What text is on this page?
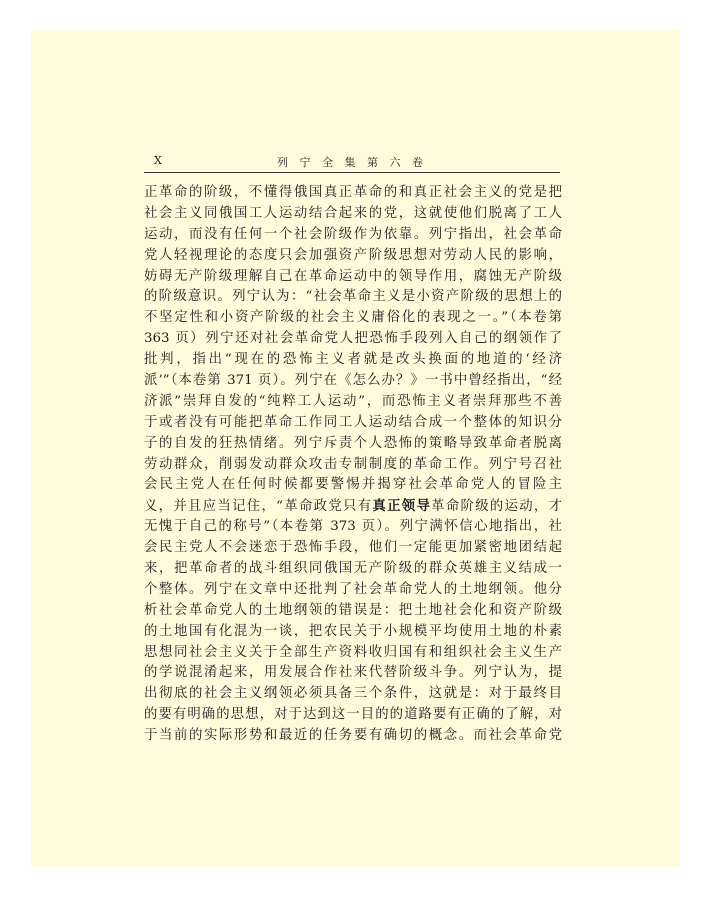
X	列 宁 全 集 第 六 卷
正革命的阶级，不懂得俄国真正革命的和真正社会主义的党是把
社会主义同俄国工人运动结合起来的党，这就使他们脱离了工人
运动，而没有任何一个社会阶级作为依靠。列宁指出，社会革命
党人轻视理论的态度只会加强资产阶级思想对劳动人民的影响，
妨碍无产阶级理解自己在革命运动中的领导作用，腐蚀无产阶级
的阶级意识。列宁认为：“社会革命主义是小资产阶级的思想上的
不坚定性和小资产阶级的社会主义庸俗化的表现之一。”（本卷第
363 页）列宁还对社会革命党人把恐怖手段列入自己的纲领作了
批判，指出“现在的恐怖主义者就是改头换面的地道的‘经济
派’”（本卷第 371 页）。列宁在《怎么办？》一书中曾经指出，“经
济派”崇拜自发的“纯粹工人运动”，而恐怖主义者崇拜那些不善
于或者没有可能把革命工作同工人运动结合成一个整体的知识分
子的自发的狂热情绪。列宁斥责个人恐怖的策略导致革命者脱离
劳动群众，削弱发动群众攻击专制制度的革命工作。列宁号召社
会民主党人在任何时候都要警惕并揭穿社会革命党人的冒险主
义，并且应当记住，“革命政党只有真正领导革命阶级的运动，才
无愧于自己的称号”（本卷第 373 页）。列宁满怀信心地指出，社
会民主党人不会迷恋于恐怖手段，他们一定能更加紧密地团结起
来，把革命者的战斗组织同俄国无产阶级的群众英雄主义结成一
个整体。列宁在文章中还批判了社会革命党人的土地纲领。他分
析社会革命党人的土地纲领的错误是：把土地社会化和资产阶级
的土地国有化混为一谈，把农民关于小规模平均使用土地的朴素
思想同社会主义关于全部生产资料收归国有和组织社会主义生产
的学说混淆起来，用发展合作社来代替阶级斗争。列宁认为，提
出彻底的社会主义纲领必须具备三个条件，这就是：对于最终目
的要有明确的思想，对于达到这一目的的道路要有正确的了解，对
于当前的实际形势和最近的任务要有确切的概念。而社会革命党
